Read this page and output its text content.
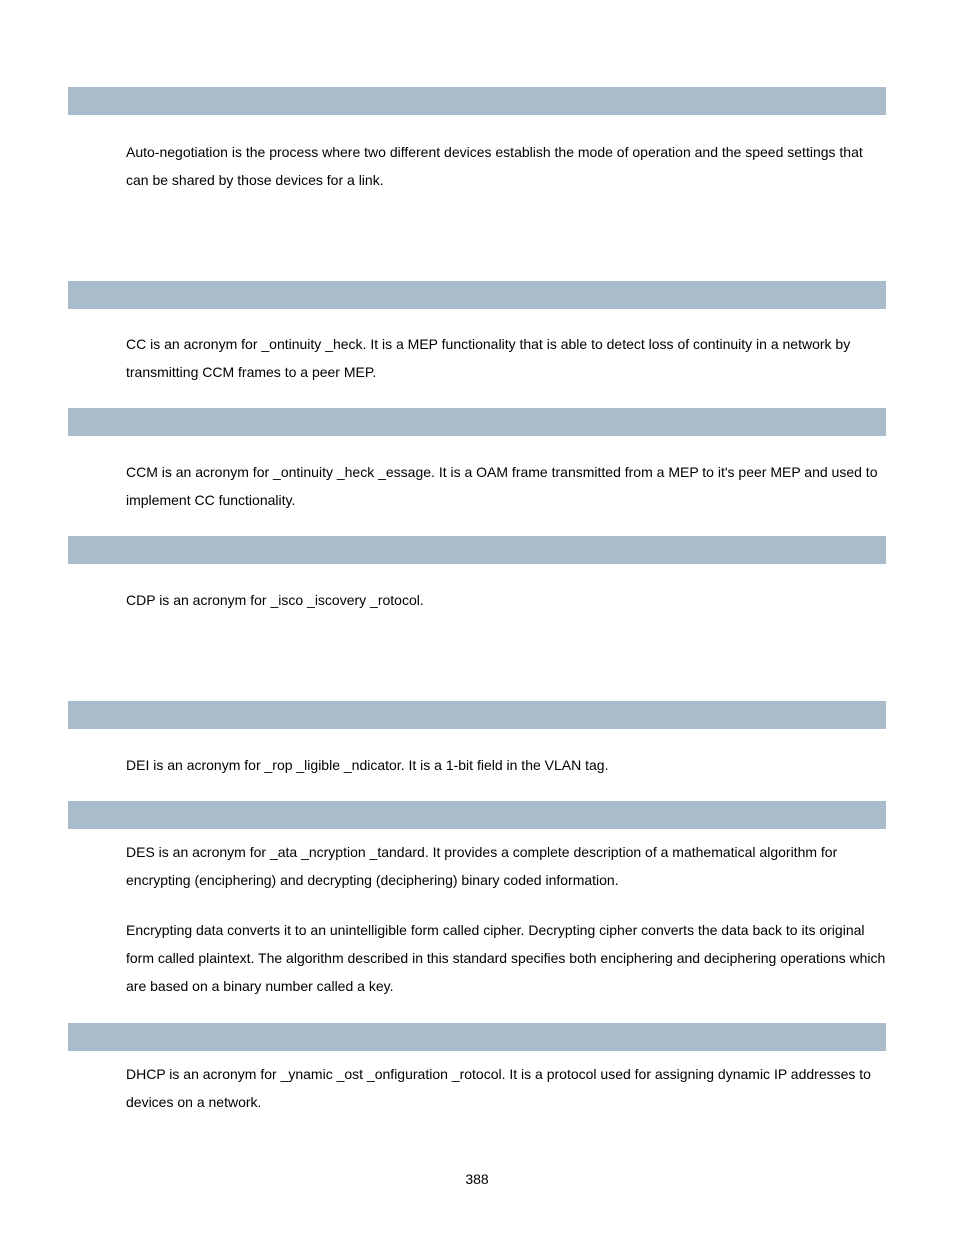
Auto-negotiation is the process where two different devices establish the mode of operation and the speed settings that can be shared by those devices for a link.

CC is an acronym for _ontinuity _heck. It is a MEP functionality that is able to detect loss of continuity in a network by transmitting CCM frames to a peer MEP.

CCM is an acronym for _ontinuity _heck _essage. It is a OAM frame transmitted from a MEP to it's peer MEP and used to implement CC functionality.

CDP is an acronym for _isco _iscovery _rotocol.

DEI is an acronym for _rop _ligible _ndicator. It is a 1-bit field in the VLAN tag.

DES is an acronym for _ata _ncryption _tandard. It provides a complete description of a mathematical algorithm for encrypting (enciphering) and decrypting (deciphering) binary coded information.

Encrypting data converts it to an unintelligible form called cipher. Decrypting cipher converts the data back to its original form called plaintext. The algorithm described in this standard specifies both enciphering and deciphering operations which are based on a binary number called a key.

DHCP is an acronym for _ynamic _ost _onfiguration _rotocol. It is a protocol used for assigning dynamic IP addresses to devices on a network.

388
